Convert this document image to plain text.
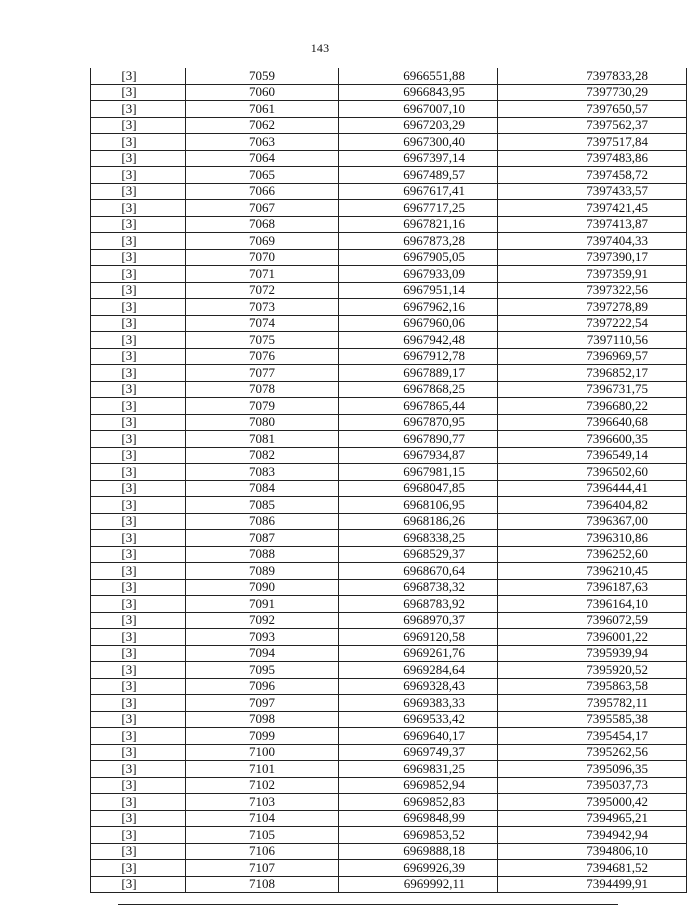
143
[3]	7059	6966551,88	7397833,28
[3]	7060	6966843,95	7397730,29
[3]	7061	6967007,10	7397650,57
[3]	7062	6967203,29	7397562,37
[3]	7063	6967300,40	7397517,84
[3]	7064	6967397,14	7397483,86
[3]	7065	6967489,57	7397458,72
[3]	7066	6967617,41	7397433,57
[3]	7067	6967717,25	7397421,45
[3]	7068	6967821,16	7397413,87
[3]	7069	6967873,28	7397404,33
[3]	7070	6967905,05	7397390,17
[3]	7071	6967933,09	7397359,91
[3]	7072	6967951,14	7397322,56
[3]	7073	6967962,16	7397278,89
[3]	7074	6967960,06	7397222,54
[3]	7075	6967942,48	7397110,56
[3]	7076	6967912,78	7396969,57
[3]	7077	6967889,17	7396852,17
[3]	7078	6967868,25	7396731,75
[3]	7079	6967865,44	7396680,22
[3]	7080	6967870,95	7396640,68
[3]	7081	6967890,77	7396600,35
[3]	7082	6967934,87	7396549,14
[3]	7083	6967981,15	7396502,60
[3]	7084	6968047,85	7396444,41
[3]	7085	6968106,95	7396404,82
[3]	7086	6968186,26	7396367,00
[3]	7087	6968338,25	7396310,86
[3]	7088	6968529,37	7396252,60
[3]	7089	6968670,64	7396210,45
[3]	7090	6968738,32	7396187,63
[3]	7091	6968783,92	7396164,10
[3]	7092	6968970,37	7396072,59
[3]	7093	6969120,58	7396001,22
[3]	7094	6969261,76	7395939,94
[3]	7095	6969284,64	7395920,52
[3]	7096	6969328,43	7395863,58
[3]	7097	6969383,33	7395782,11
[3]	7098	6969533,42	7395585,38
[3]	7099	6969640,17	7395454,17
[3]	7100	6969749,37	7395262,56
[3]	7101	6969831,25	7395096,35
[3]	7102	6969852,94	7395037,73
[3]	7103	6969852,83	7395000,42
[3]	7104	6969848,99	7394965,21
[3]	7105	6969853,52	7394942,94
[3]	7106	6969888,18	7394806,10
[3]	7107	6969926,39	7394681,52
[3]	7108	6969992,11	7394499,91
